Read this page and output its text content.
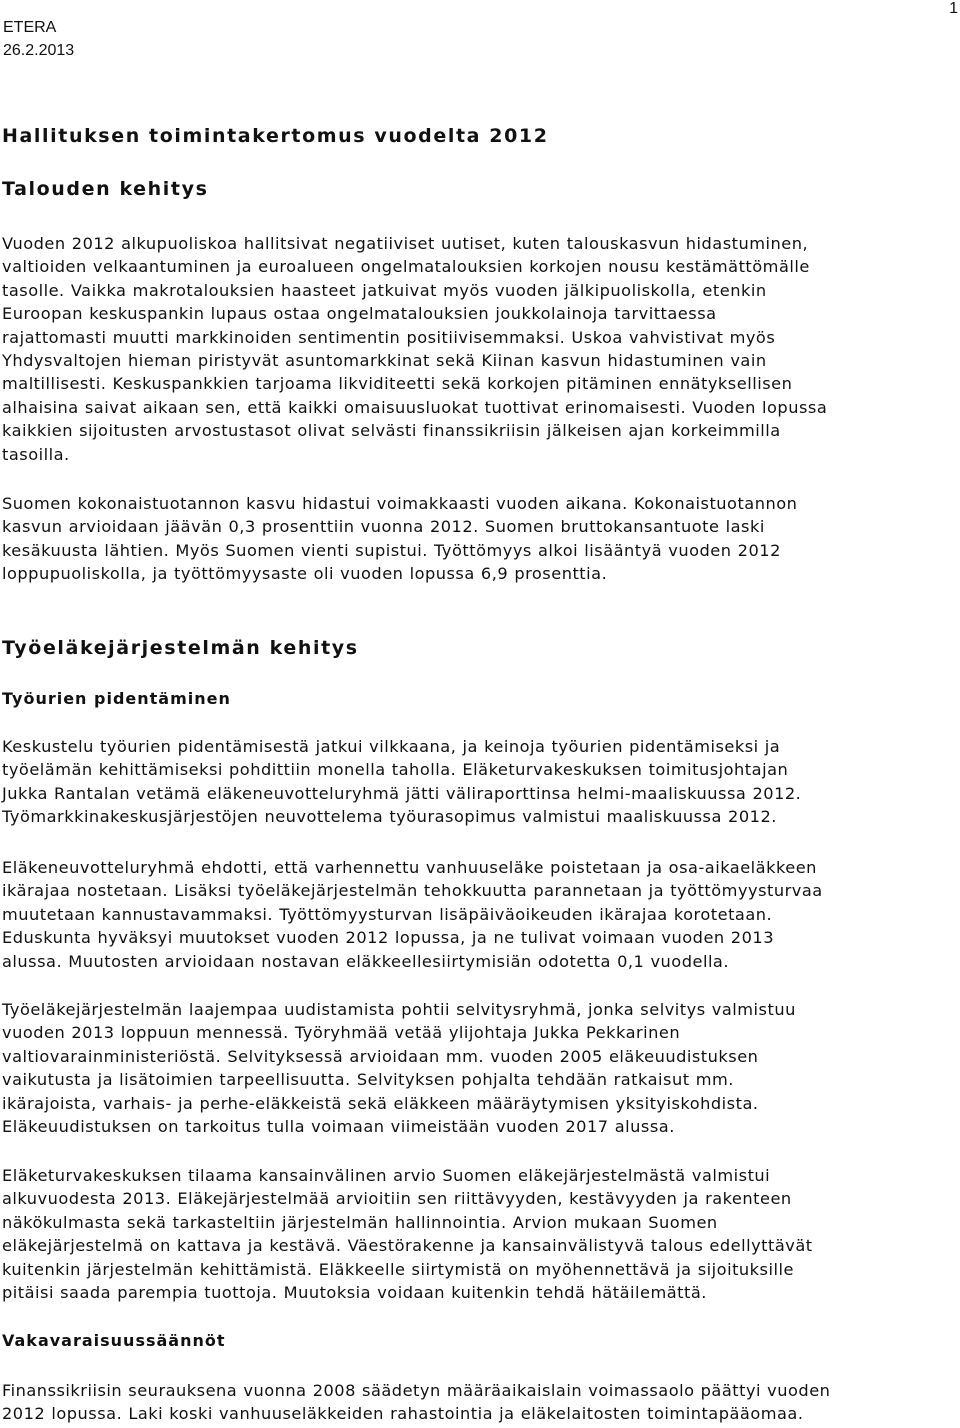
ETERA
26.2.2013
1
Hallituksen toimintakertomus vuodelta 2012
Talouden kehitys
Vuoden 2012 alkupuoliskoa hallitsivat negatiiviset uutiset, kuten talouskasvun hidastuminen,
valtioiden velkaantuminen ja euroalueen ongelmatalouksien korkojen nousu kestämättömälle
tasolle. Vaikka makrotalouksien haasteet jatkuivat myös vuoden jälkipuoliskolla, etenkin
Euroopan keskuspankin lupaus ostaa ongelmatalouksien joukkolainoja tarvittaessa
rajattomasti muutti markkinoiden sentimentin positiivisemmaksi. Uskoa vahvistivat myös
Yhdysvaltojen hieman piristyvät asuntomarkkinat sekä Kiinan kasvun hidastuminen vain
maltillisesti. Keskuspankkien tarjoama likviditeetti sekä korkojen pitäminen ennätyksellisen
alhaisina saivat aikaan sen, että kaikki omaisuusluokat tuottivat erinomaisesti. Vuoden lopussa
kaikkien sijoitusten arvostustasot olivat selvästi finanssikriisin jälkeisen ajan korkeimmilla
tasoilla.
Suomen kokonaistuotannon kasvu hidastui voimakkaasti vuoden aikana. Kokonaistuotannon
kasvun arvioidaan jäävän 0,3 prosenttiin vuonna 2012. Suomen bruttokansantuote laski
kesäkuusta lähtien. Myös Suomen vienti supistui. Työttömyys alkoi lisääntyä vuoden 2012
loppupuoliskolla, ja työttömyysaste oli vuoden lopussa 6,9 prosenttia.
Työeläkejärjestelmän kehitys
Työurien pidentäminen
Keskustelu työurien pidentämisestä jatkui vilkkaana, ja keinoja työurien pidentämiseksi ja
työelämän kehittämiseksi pohdittiin monella taholla. Eläketurvakeskuksen toimitusjohtajan
Jukka Rantalan vetämä eläkeneuvotteluryhmä jätti väliraporttinsa helmi-maaliskuussa 2012.
Työmarkkinakeskusjärjestöjen neuvottelema työurasopimus valmistui maaliskuussa 2012.
Eläkeneuvotteluryhmä ehdotti, että varhennettu vanhuuseläke poistetaan ja osa-aikaeläkkeen
ikärajaa nostetaan. Lisäksi työeläkejärjestelmän tehokkuutta parannetaan ja työttömyysturvaa
muutetaan kannustavammaksi. Työttömyysturvan lisäpäiväoikeuden ikärajaa korotetaan.
Eduskunta hyväksyi muutokset vuoden 2012 lopussa, ja ne tulivat voimaan vuoden 2013
alussa. Muutosten arvioidaan nostavan eläkkeellesiirtymisiän odotetta 0,1 vuodella.
Työeläkejärjestelmän laajempaa uudistamista pohtii selvitysryhmä, jonka selvitys valmistuu
vuoden 2013 loppuun mennessä. Työryhmää vetää ylijohtaja Jukka Pekkarinen
valtiovarainministeriöstä. Selvityksessä arvioidaan mm. vuoden 2005 eläkeuudistuksen
vaikutusta ja lisätoimien tarpeellisuutta. Selvityksen pohjalta tehdään ratkaisut mm.
ikärajoista, varhais- ja perhe-eläkkeistä sekä eläkkeen määräytymisen yksityiskohdista.
Eläkeuudistuksen on tarkoitus tulla voimaan viimeistään vuoden 2017 alussa.
Eläketurvakeskuksen tilaama kansainvälinen arvio Suomen eläkejärjestelmästä valmistui
alkuvuodesta 2013. Eläkejärjestelmää arvioitiin sen riittävyyden, kestävyyden ja rakenteen
näkökulmasta sekä tarkasteltiin järjestelmän hallinnointia. Arvion mukaan Suomen
eläkejärjestelmä on kattava ja kestävä. Väestörakenne ja kansainvälistyvä talous edellyttävät
kuitenkin järjestelmän kehittämistä. Eläkkeelle siirtymistä on myöhennettävä ja sijoituksille
pitäisi saada parempia tuottoja. Muutoksia voidaan kuitenkin tehdä hätäilemättä.
Vakavaraisuussäännöt
Finanssikriisin seurauksena vuonna 2008 säädetyn määräaikaislain voimassaolo päättyi vuoden
2012 lopussa. Laki koski vanhuuseläkkeiden rahastointia ja eläkelaitosten toimintapääomaa.
